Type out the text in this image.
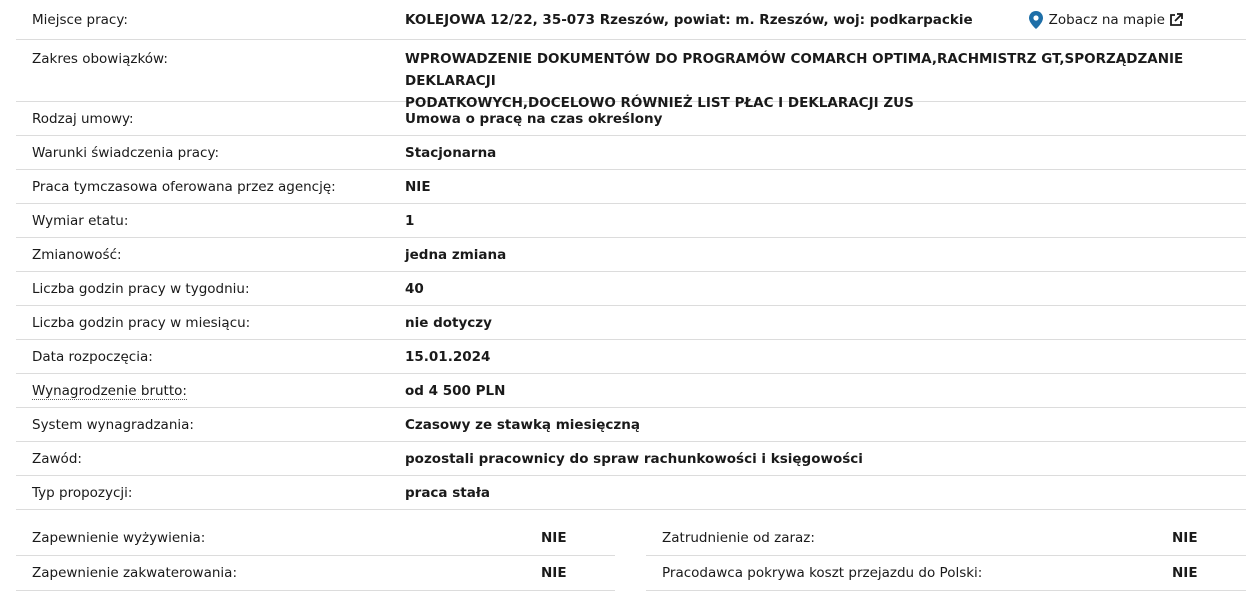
Miejsce pracy:	KOLEJOWA 12/22, 35-073 Rzeszów, powiat: m. Rzeszów, woj: podkarpackie	Zobacz na mapie
Zakres obowiązków:	WPROWADZENIE DOKUMENTÓW DO PROGRAMÓW COMARCH OPTIMA,RACHMISTRZ GT,SPORZĄDZANIE DEKLARACJI
PODATKOWYCH,DOCELOWO RÓWNIEŻ LIST PŁAC I DEKLARACJI ZUS
Rodzaj umowy:	Umowa o pracę na czas określony
Warunki świadczenia pracy:	Stacjonarna
Praca tymczasowa oferowana przez agencję:	NIE
Wymiar etatu:	1
Zmianowość:	jedna zmiana
Liczba godzin pracy w tygodniu:	40
Liczba godzin pracy w miesiącu:	nie dotyczy
Data rozpoczęcia:	15.01.2024
Wynagrodzenie brutto:	od 4 500 PLN
System wynagradzania:	Czasowy ze stawką miesięczną
Zawód:	pozostali pracownicy do spraw rachunkowości i księgowości
Typ propozycji:	praca stała
Zapewnienie wyżywienia:	NIE	Zatrudnienie od zaraz:	NIE
Zapewnienie zakwaterowania:	NIE	Pracodawca pokrywa koszt przejazdu do Polski:	NIE
